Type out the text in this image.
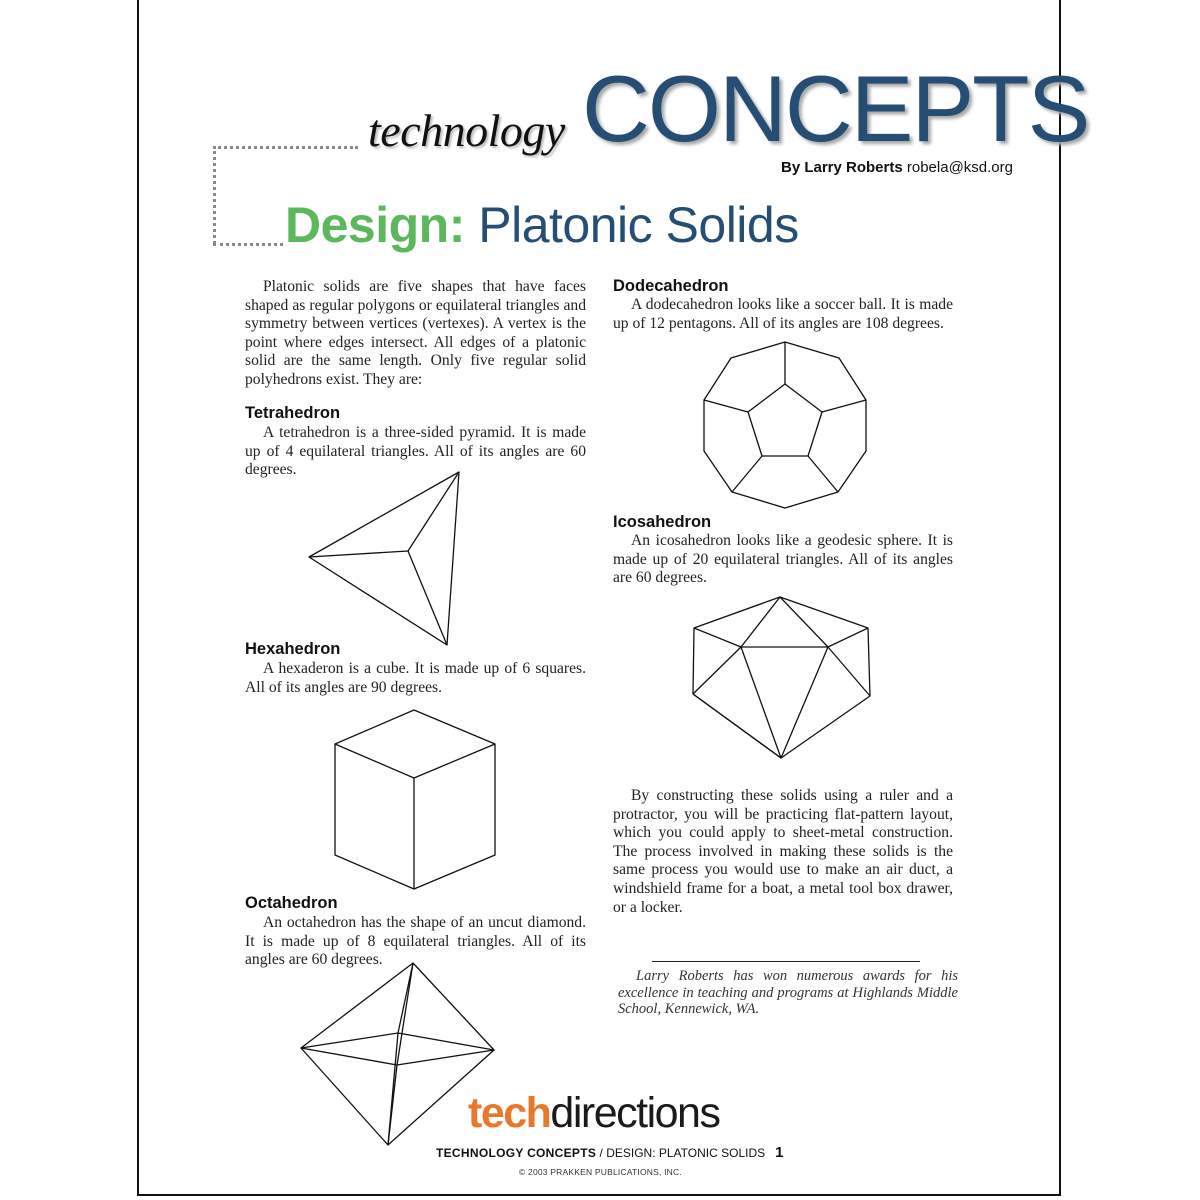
technology CONCEPTS
By Larry Roberts robela@ksd.org
Design: Platonic Solids

Platonic solids are five shapes that have faces shaped as regular polygons or equilateral triangles and symmetry between vertices (vertexes). A vertex is the point where edges intersect. All edges of a platonic solid are the same length. Only five regular solid polyhedrons exist. They are:

Tetrahedron

A tetrahedron is a three-sided pyramid. It is made up of 4 equilateral triangles. All of its angles are 60 degrees.

Hexahedron

A hexaderon is a cube. It is made up of 6 squares. All of its angles are 90 degrees.

Octahedron

An octahedron has the shape of an uncut diamond. It is made up of 8 equilateral triangles. All of its angles are 60 degrees.

Dodecahedron

A dodecahedron looks like a soccer ball. It is made up of 12 pentagons. All of its angles are 108 degrees.

Icosahedron

An icosahedron looks like a geodesic sphere. It is made up of 20 equilateral triangles. All of its angles are 60 degrees.

By constructing these solids using a ruler and a protractor, you will be practicing flat-pattern layout, which you could apply to sheet-metal construction. The process involved in making these solids is the same process you would use to make an air duct, a windshield frame for a boat, a metal tool box drawer, or a locker.

Larry Roberts has won numerous awards for his excellence in teaching and programs at Highlands Middle School, Kennewick, WA.

techdirections
TECHNOLOGY CONCEPTS / DESIGN: PLATONIC SOLIDS 1
© 2003 PRAKKEN PUBLICATIONS, INC.
